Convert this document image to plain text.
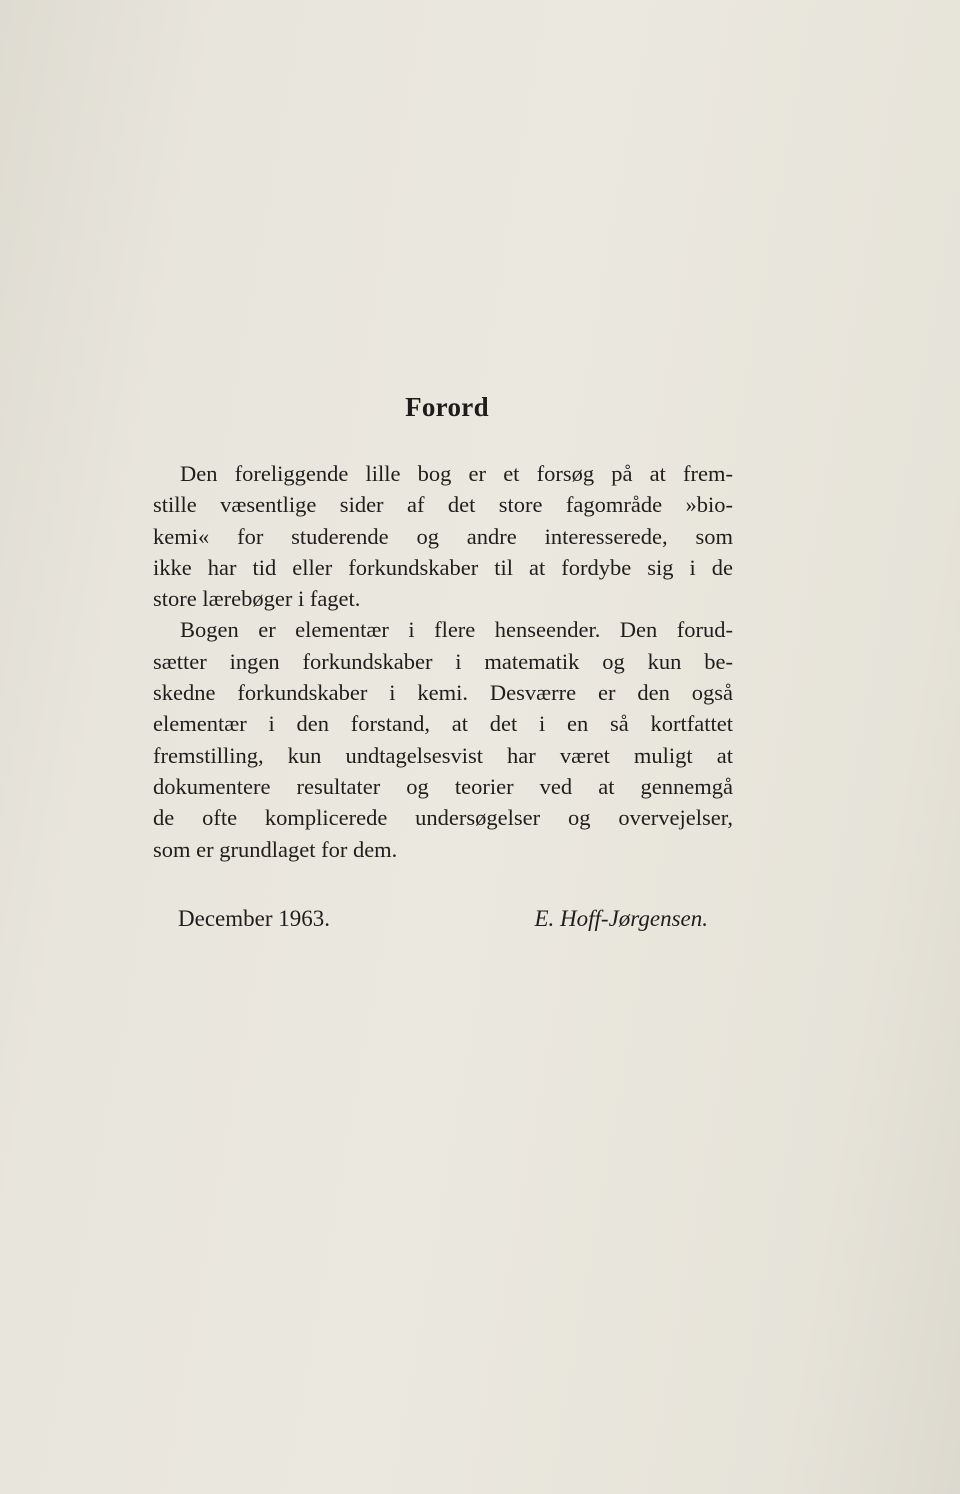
Forord
Den foreliggende lille bog er et forsøg på at frem-
stille væsentlige sider af det store fagområde »bio-
kemi« for studerende og andre interesserede, som
ikke har tid eller forkundskaber til at fordybe sig i de
store lærebøger i faget.
Bogen er elementær i flere henseender. Den forud-
sætter ingen forkundskaber i matematik og kun be-
skedne forkundskaber i kemi. Desværre er den også
elementær i den forstand, at det i en så kortfattet
fremstilling, kun undtagelsesvist har været muligt at
dokumentere resultater og teorier ved at gennemgå
de ofte komplicerede undersøgelser og overvejelser,
som er grundlaget for dem.
December 1963.	E. Hoff-Jørgensen.
